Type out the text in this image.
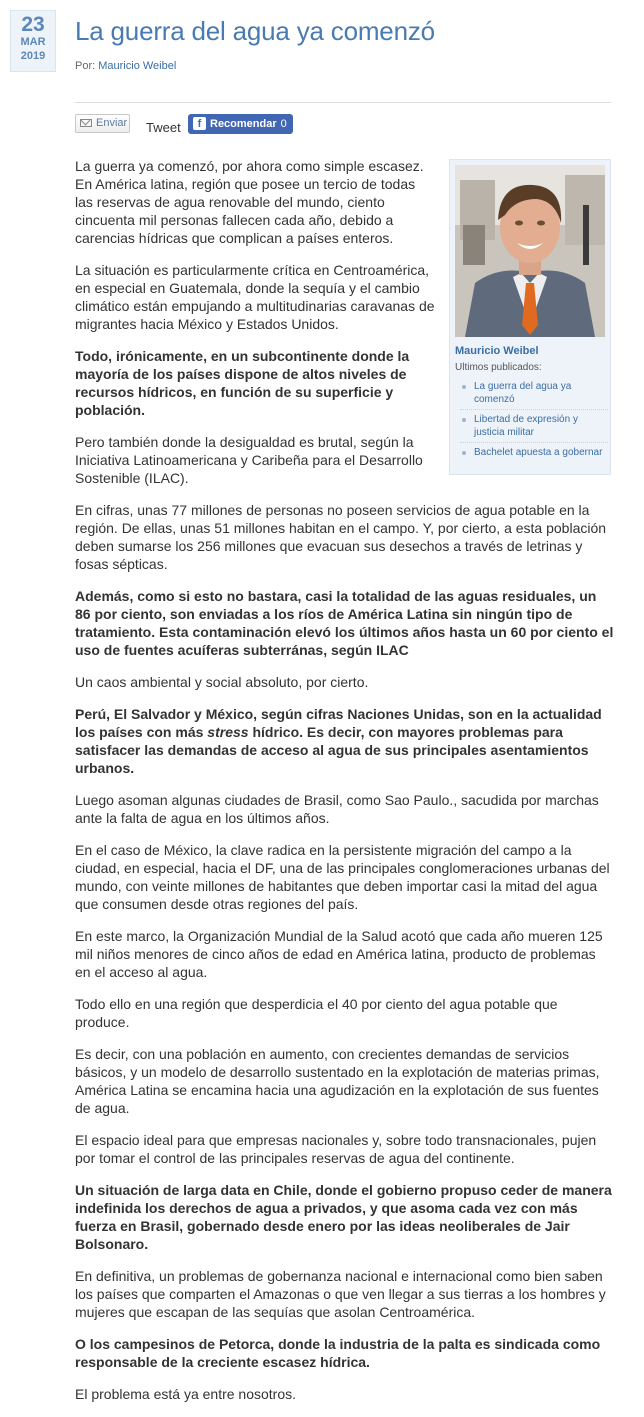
23
MAR
2019
La guerra del agua ya comenzó
Por: Mauricio Weibel
Enviar Tweet	f Recomendar 0
Mauricio Weibel
Ultimos publicados:
La guerra del agua ya comenzó
Libertad de expresión y justicia militar
Bachelet apuesta a gobernar

La guerra ya comenzó, por ahora como simple escasez. En América latina, región que posee un tercio de todas las reservas de agua renovable del mundo, ciento cincuenta mil personas fallecen cada año, debido a carencias hídricas que complican a países enteros.

La situación es particularmente crítica en Centroamérica, en especial en Guatemala, donde la sequía y el cambio climático están empujando a multitudinarias caravanas de migrantes hacia México y Estados Unidos.

Todo, irónicamente, en un subcontinente donde la mayoría de los países dispone de altos niveles de recursos hídricos, en función de su superficie y población.

Pero también donde la desigualdad es brutal, según la Iniciativa Latinoamericana y Caribeña para el Desarrollo Sostenible (ILAC).

En cifras, unas 77 millones de personas no poseen servicios de agua potable en la región. De ellas, unas 51 millones habitan en el campo. Y, por cierto, a esta población deben sumarse los 256 millones que evacuan sus desechos a través de letrinas y fosas sépticas.

Además, como si esto no bastara, casi la totalidad de las aguas residuales, un 86 por ciento, son enviadas a los ríos de América Latina sin ningún tipo de tratamiento. Esta contaminación elevó los últimos años hasta un 60 por ciento el uso de fuentes acuíferas subterránas, según ILAC

Un caos ambiental y social absoluto, por cierto.

Perú, El Salvador y México, según cifras Naciones Unidas, son en la actualidad los países con más stress hídrico. Es decir, con mayores problemas para satisfacer las demandas de acceso al agua de sus principales asentamientos urbanos.

Luego asoman algunas ciudades de Brasil, como Sao Paulo., sacudida por marchas ante la falta de agua en los últimos años.

En el caso de México, la clave radica en la persistente migración del campo a la ciudad, en especial, hacia el DF, una de las principales conglomeraciones urbanas del mundo, con veinte millones de habitantes que deben importar casi la mitad del agua que consumen desde otras regiones del país.

En este marco, la Organización Mundial de la Salud acotó que cada año mueren 125 mil niños menores de cinco años de edad en América latina, producto de problemas en el acceso al agua.

Todo ello en una región que desperdicia el 40 por ciento del agua potable que produce.

Es decir, con una población en aumento, con crecientes demandas de servicios básicos, y un modelo de desarrollo sustentado en la explotación de materias primas, América Latina se encamina hacia una agudización en la explotación de sus fuentes de agua.

El espacio ideal para que empresas nacionales y, sobre todo transnacionales, pujen por tomar el control de las principales reservas de agua del continente.

Un situación de larga data en Chile, donde el gobierno propuso ceder de manera indefinida los derechos de agua a privados, y que asoma cada vez con más fuerza en Brasil, gobernado desde enero por las ideas neoliberales de Jair Bolsonaro.

En definitiva, un problemas de gobernanza nacional e internacional como bien saben los países que comparten el Amazonas o que ven llegar a sus tierras a los hombres y mujeres que escapan de las sequías que asolan Centroamérica.

O los campesinos de Petorca, donde la industria de la palta es sindicada como responsable de la creciente escasez hídrica.

El problema está ya entre nosotros.
